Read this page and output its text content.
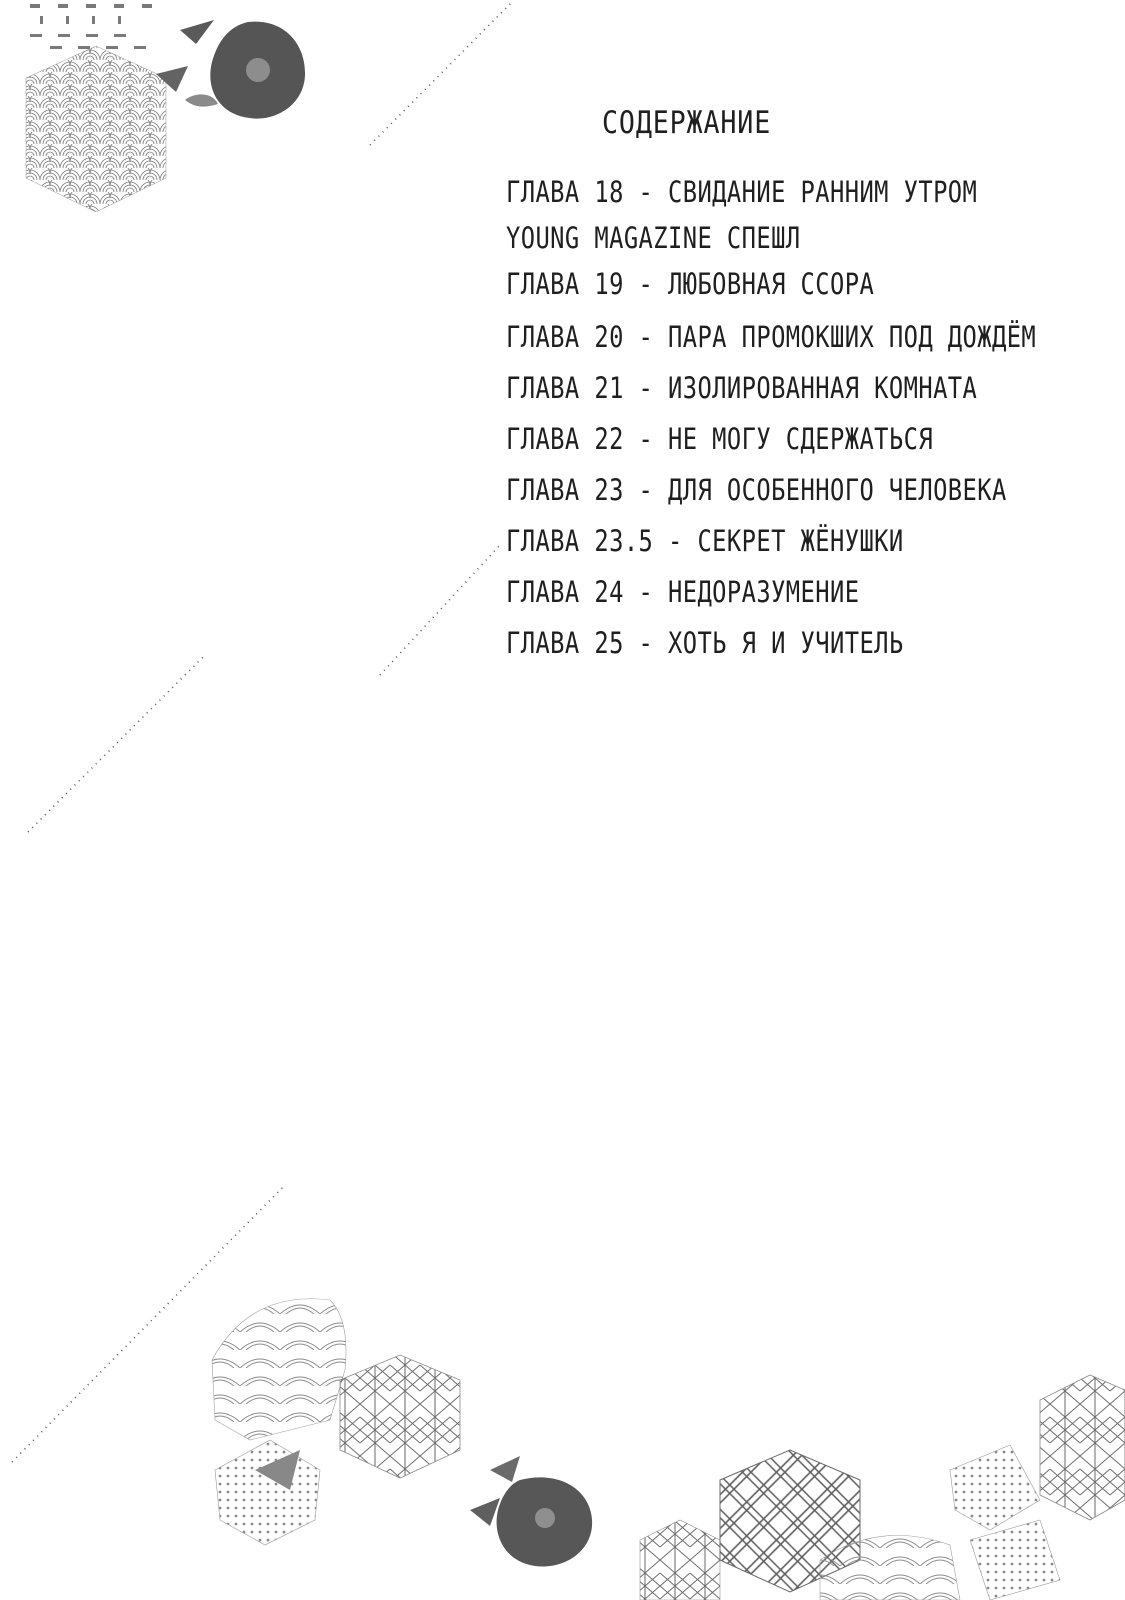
СОДЕРЖАНИЕ
ГЛАВА 18 - СВИДАНИЕ РАННИМ УТРОМ
YOUNG MAGAZINE СПЕШЛ
ГЛАВА 19 - ЛЮБОВНАЯ ССОРА
ГЛАВА 20 - ПАРА ПРОМОКШИХ ПОД ДОЖДЁМ
ГЛАВА 21 - ИЗОЛИРОВАННАЯ КОМНАТА
ГЛАВА 22 - НЕ МОГУ СДЕРЖАТЬСЯ
ГЛАВА 23 - ДЛЯ ОСОБЕННОГО ЧЕЛОВЕКА
ГЛАВА 23.5 - СЕКРЕТ ЖЁНУШКИ
ГЛАВА 24 - НЕДОРАЗУМЕНИЕ
ГЛАВА 25 - ХОТЬ Я И УЧИТЕЛЬ
